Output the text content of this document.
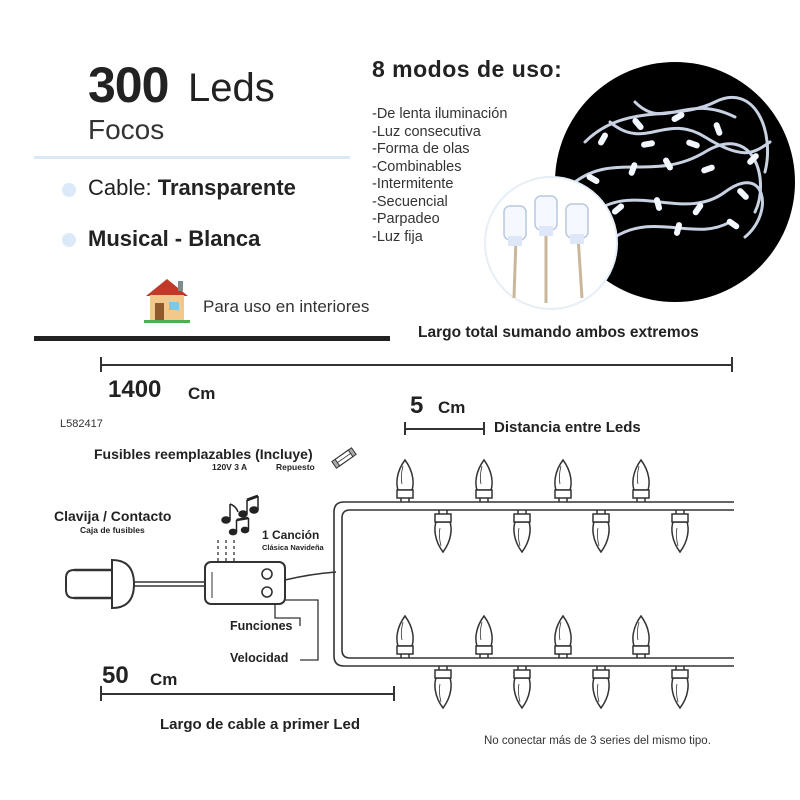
300 Leds
Focos
Cable: Transparente
Musical - Blanca
8 modos de uso:
-De lenta iluminación
-Luz consecutiva
-Forma de olas
-Combinables
-Intermitente
-Secuencial
-Parpadeo
-Luz fija
Para uso en interiores
Largo total sumando ambos extremos
1400 Cm
L582417
5 Cm
Distancia entre Leds
Fusibles reemplazables (Incluye)
120V 3 A	Repuesto
Clavija / Contacto
Caja de fusibles	1 Canción
Clásica Navideña
Funciones
Velocidad
50 Cm
Largo de cable a primer Led
No conectar más de 3 series del mismo tipo.
